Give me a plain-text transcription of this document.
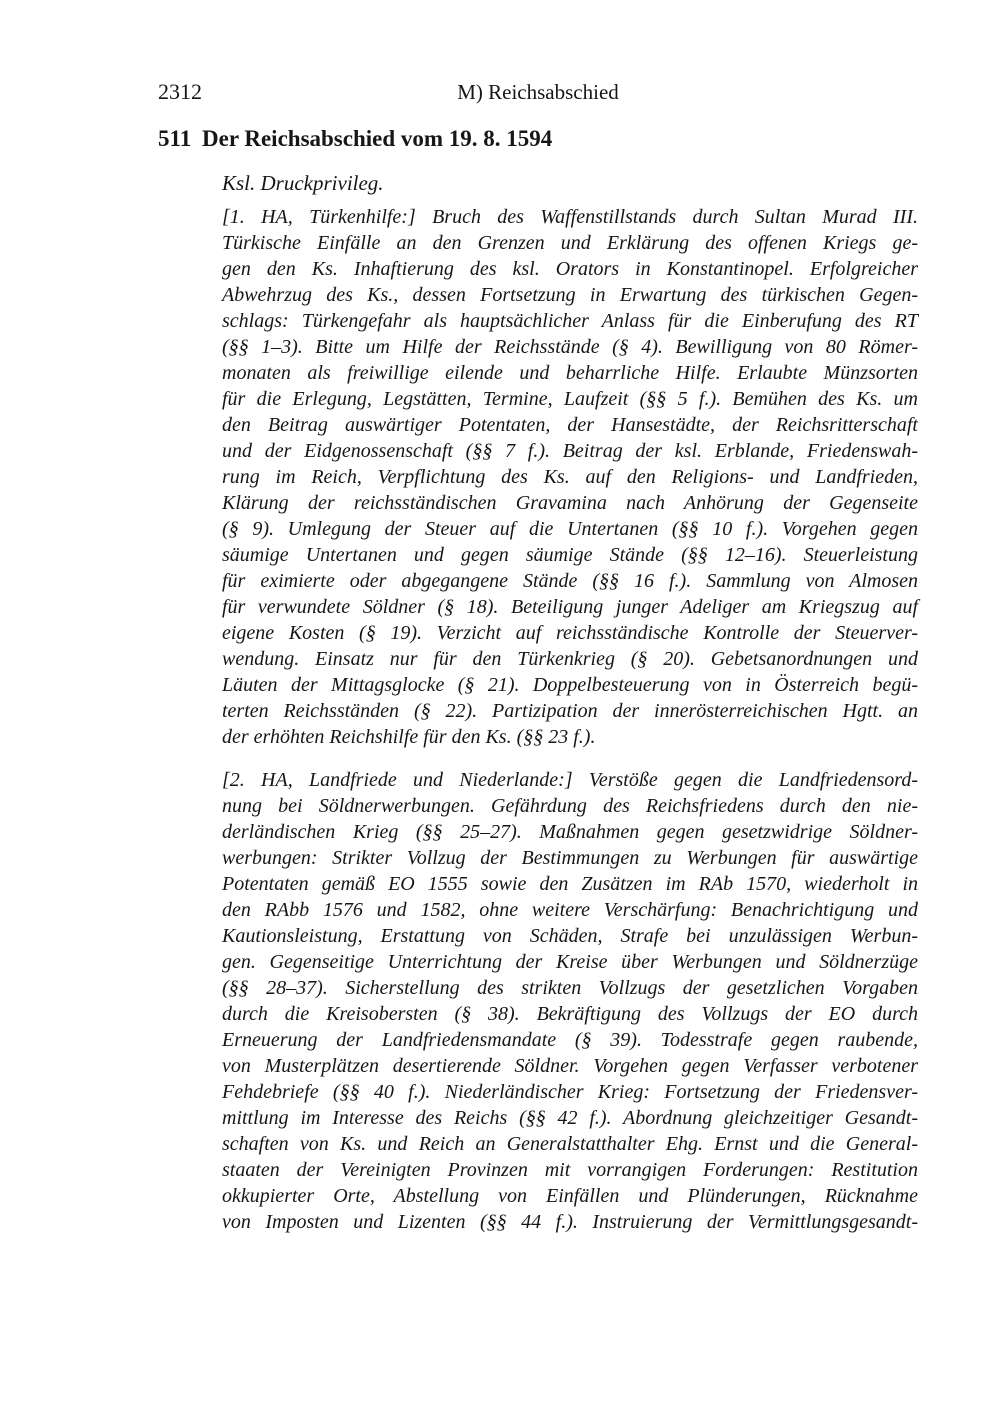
2312	M) Reichsabschied
511 Der Reichsabschied vom 19. 8. 1594
Ksl. Druckprivileg.
[1. HA, Türkenhilfe:] Bruch des Waffenstillstands durch Sultan Murad III.
Türkische Einfälle an den Grenzen und Erklärung des offenen Kriegs ge-
gen den Ks. Inhaftierung des ksl. Orators in Konstantinopel. Erfolgreicher
Abwehrzug des Ks., dessen Fortsetzung in Erwartung des türkischen Gegen-
schlags: Türkengefahr als hauptsächlicher Anlass für die Einberufung des RT
(§§ 1–3). Bitte um Hilfe der Reichsstände (§ 4). Bewilligung von 80 Römer-
monaten als freiwillige eilende und beharrliche Hilfe. Erlaubte Münzsorten
für die Erlegung, Legstätten, Termine, Laufzeit (§§ 5 f.). Bemühen des Ks. um
den Beitrag auswärtiger Potentaten, der Hansestädte, der Reichsritterschaft
und der Eidgenossenschaft (§§ 7 f.). Beitrag der ksl. Erblande, Friedenswah-
rung im Reich, Verpflichtung des Ks. auf den Religions- und Landfrieden,
Klärung der reichsständischen Gravamina nach Anhörung der Gegenseite
(§ 9). Umlegung der Steuer auf die Untertanen (§§ 10 f.). Vorgehen gegen
säumige Untertanen und gegen säumige Stände (§§ 12–16). Steuerleistung
für eximierte oder abgegangene Stände (§§ 16 f.). Sammlung von Almosen
für verwundete Söldner (§ 18). Beteiligung junger Adeliger am Kriegszug auf
eigene Kosten (§ 19). Verzicht auf reichsständische Kontrolle der Steuerver-
wendung. Einsatz nur für den Türkenkrieg (§ 20). Gebetsanordnungen und
Läuten der Mittagsglocke (§ 21). Doppelbesteuerung von in Österreich begü-
terten Reichsständen (§ 22). Partizipation der innerösterreichischen Hgtt. an
der erhöhten Reichshilfe für den Ks. (§§ 23 f.).
[2. HA, Landfriede und Niederlande:] Verstöße gegen die Landfriedensord-
nung bei Söldnerwerbungen. Gefährdung des Reichsfriedens durch den nie-
derländischen Krieg (§§ 25–27). Maßnahmen gegen gesetzwidrige Söldner-
werbungen: Strikter Vollzug der Bestimmungen zu Werbungen für auswärtige
Potentaten gemäß EO 1555 sowie den Zusätzen im RAb 1570, wiederholt in
den RAbb 1576 und 1582, ohne weitere Verschärfung: Benachrichtigung und
Kautionsleistung, Erstattung von Schäden, Strafe bei unzulässigen Werbun-
gen. Gegenseitige Unterrichtung der Kreise über Werbungen und Söldnerzüge
(§§ 28–37). Sicherstellung des strikten Vollzugs der gesetzlichen Vorgaben
durch die Kreisobersten (§ 38). Bekräftigung des Vollzugs der EO durch
Erneuerung der Landfriedensmandate (§ 39). Todesstrafe gegen raubende,
von Musterplätzen desertierende Söldner. Vorgehen gegen Verfasser verbotener
Fehdebriefe (§§ 40 f.). Niederländischer Krieg: Fortsetzung der Friedensver-
mittlung im Interesse des Reichs (§§ 42 f.). Abordnung gleichzeitiger Gesandt-
schaften von Ks. und Reich an Generalstatthalter Ehg. Ernst und die General-
staaten der Vereinigten Provinzen mit vorrangigen Forderungen: Restitution
okkupierter Orte, Abstellung von Einfällen und Plünderungen, Rücknahme
von Imposten und Lizenten (§§ 44 f.). Instruierung der Vermittlungsgesandt-
